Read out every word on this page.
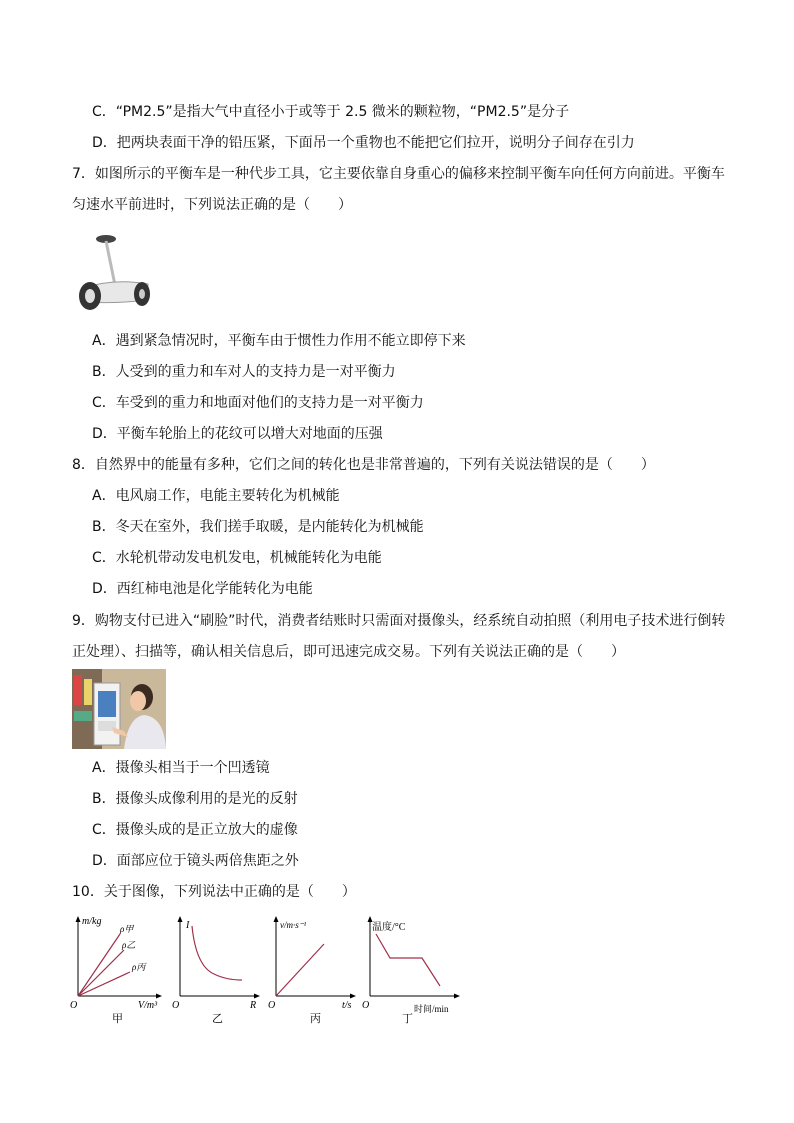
C．“PM2.5”是指大气中直径小于或等于 2.5 微米的颗粒物，“PM2.5”是分子
D．把两块表面干净的铅压紧，下面吊一个重物也不能把它们拉开，说明分子间存在引力
7．如图所示的平衡车是一种代步工具，它主要依靠自身重心的偏移来控制平衡车向任何方向前进。平衡车
匀速水平前进时，下列说法正确的是（　　）
A．遇到紧急情况时，平衡车由于惯性力作用不能立即停下来
B．人受到的重力和车对人的支持力是一对平衡力
C．车受到的重力和地面对他们的支持力是一对平衡力
D．平衡车轮胎上的花纹可以增大对地面的压强
8．自然界中的能量有多种，它们之间的转化也是非常普遍的，下列有关说法错误的是（　　）
A．电风扇工作，电能主要转化为机械能
B．冬天在室外，我们搓手取暖，是内能转化为机械能
C．水轮机带动发电机发电，机械能转化为电能
D．西红柿电池是化学能转化为电能
9．购物支付已进入“刷脸”时代，消费者结账时只需面对摄像头，经系统自动拍照（利用电子技术进行倒转
正处理）、扫描等，确认相关信息后，即可迅速完成交易。下列有关说法正确的是（　　）
A．摄像头相当于一个凹透镜
B．摄像头成像利用的是光的反射
C．摄像头成的是正立放大的虚像
D．面部应位于镜头两倍焦距之外
10．关于图像，下列说法中正确的是（　　）
m/kg
ρ甲
ρ乙
ρ丙
O	V/m³
甲
I
O	R
乙
v/m·s⁻¹
O	t/s
丙
温度/°C
O	时间/min
丁
